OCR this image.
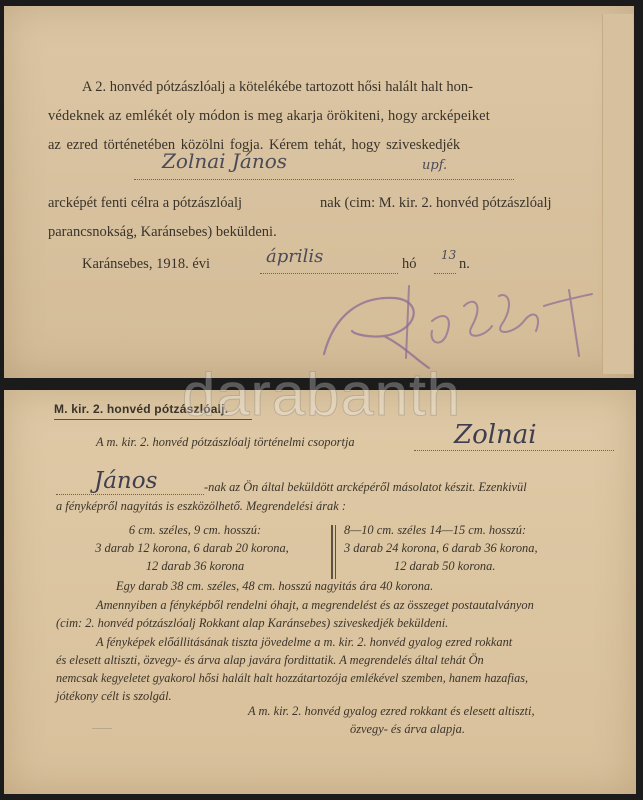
A 2. honvéd pótzászlóalj a kötelékébe tartozott hősi halált halt hon-
védeknek az emlékét oly módon is meg akarja örökiteni, hogy arcképeiket
az ezred történetében közölni fogja. Kérem tehát, hogy sziveskedjék
Zolnai János	upf.
arcképét fenti célra a pótzászlóalj	nak (cim: M. kir. 2. honvéd pótzászlóalj
parancsnokság, Karánsebes) beküldeni.
Karánsebes, 1918. évi	április	hó
13
n.
M. kir. 2. honvéd pótzászlóalj.
A m. kir. 2. honvéd pótzászlóalj történelmi csoportja	Zolnai
János	-nak az Ön által beküldött arcképéről másolatot készit. Ezenkivül
a fényképről nagyitás is eszközölhető. Megrendelési árak :
6 cm. széles, 9 cm. hosszú:
3 darab 12 korona, 6 darab 20 korona,
12 darab 36 korona
8—10 cm. széles 14—15 cm. hosszú:
3 darab 24 korona, 6 darab 36 korona,
12 darab 50 korona.
Egy darab 38 cm. széles, 48 cm. hosszú nagyitás ára 40 korona.
Amennyiben a fényképből rendelni óhajt, a megrendelést és az összeget postautalványon
(cim: 2. honvéd pótzászlóalj Rokkant alap Karánsebes) sziveskedjék beküldeni.
A fényképek előállitásának tiszta jövedelme a m. kir. 2. honvéd gyalog ezred rokkant
és elesett altiszti, özvegy- és árva alap javára fordittatik. A megrendelés által tehát Ön
nemcsak kegyeletet gyakorol hősi halált halt hozzátartozója emlékével szemben, hanem hazafias,
jótékony célt is szolgál.
A m. kir. 2. honvéd gyalog ezred rokkant és elesett altiszti,
özvegy- és árva alapja.
darabanth
